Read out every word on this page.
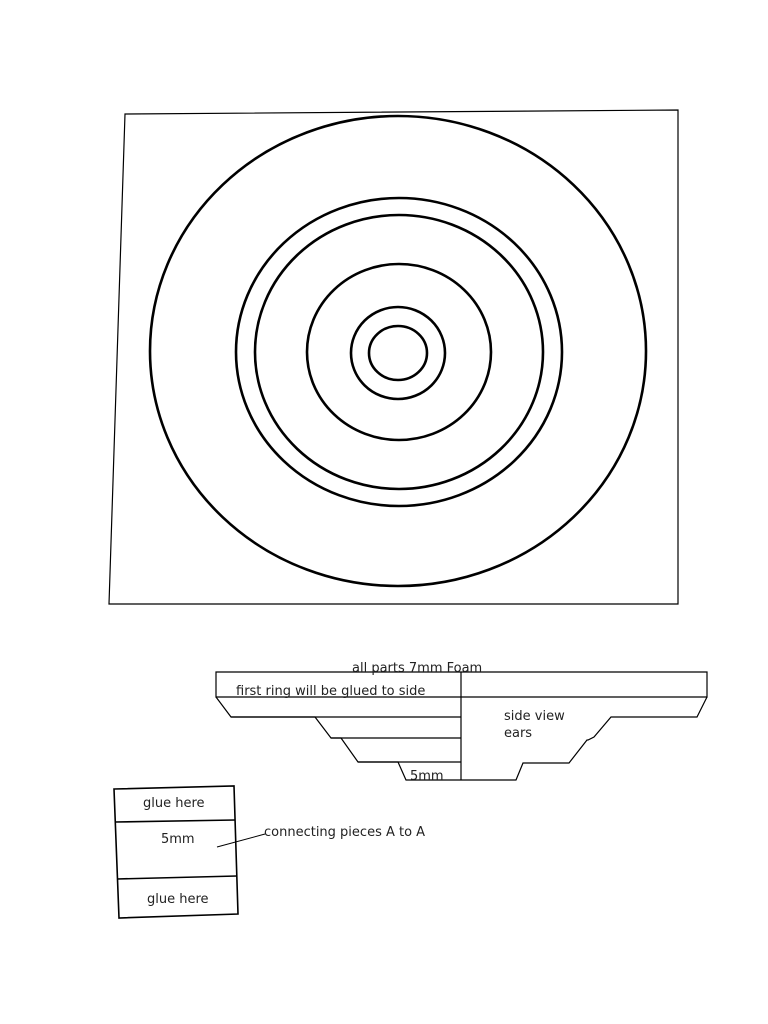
all parts 7mm Foam
first ring will be glued to side
side view
ears
5mm
glue here
5mm
glue here
connecting pieces A to A
